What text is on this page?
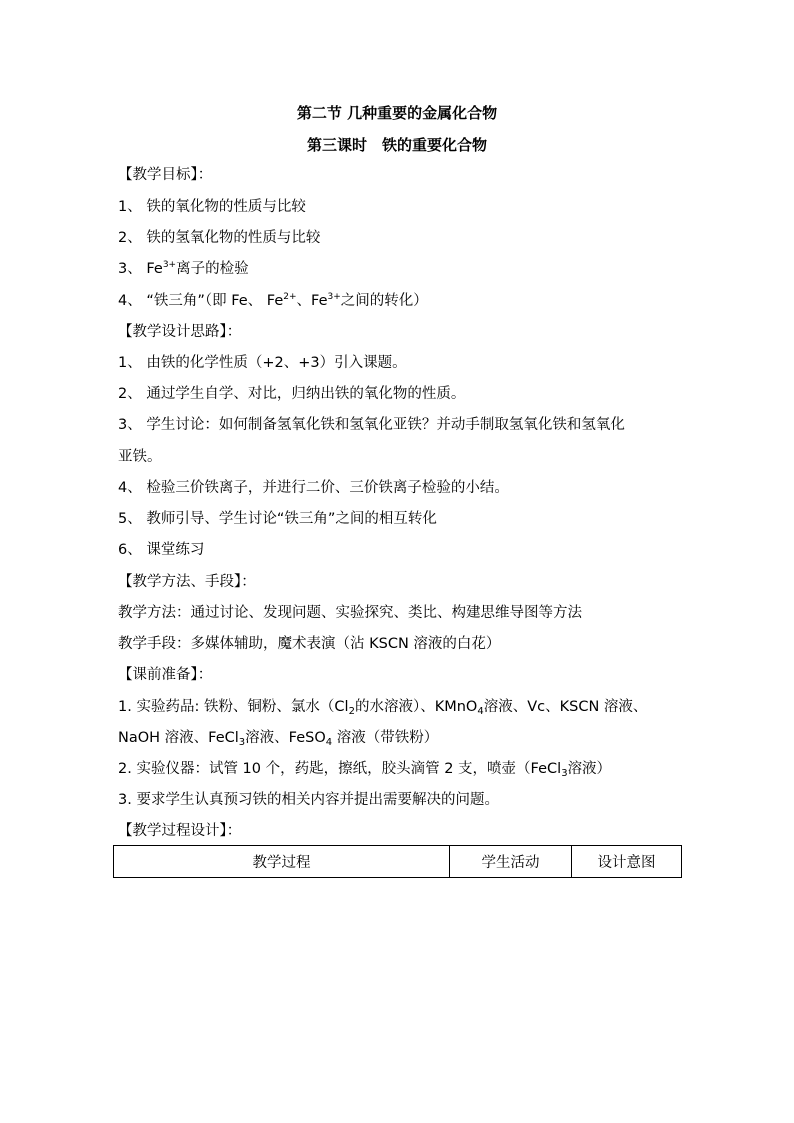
第二节 几种重要的金属化合物
第三课时　铁的重要化合物
【教学目标】：
1、 铁的氧化物的性质与比较
2、 铁的氢氧化物的性质与比较
3、 $Fe^{3+}$离子的检验
4、 “铁三角”（即 Fe、 $Fe^{2+}$、$Fe^{3+}$之间的转化）
【教学设计思路】：
1、 由铁的化学性质（+2、+3）引入课题。
2、 通过学生自学、对比，归纳出铁的氧化物的性质。
3、 学生讨论：如何制备氢氧化铁和氢氧化亚铁？并动手制取氢氧化铁和氢氧化
亚铁。
4、 检验三价铁离子，并进行二价、三价铁离子检验的小结。
5、 教师引导、学生讨论“铁三角”之间的相互转化
6、 课堂练习
【教学方法、手段】：
教学方法：通过讨论、发现问题、实验探究、类比、构建思维导图等方法
教学手段：多媒体辅助，魔术表演（沾 KSCN 溶液的白花）
【课前准备】：
1. 实验药品: 铁粉、铜粉、氯水（$Cl_2$的水溶液）、KMnO$_4$溶液、Vc、KSCN 溶液、
NaOH 溶液、FeCl$_3$溶液、FeSO$_4$ 溶液（带铁粉）
2. 实验仪器：试管 10 个，药匙，擦纸，胶头滴管 2 支，喷壶（FeCl$_3$溶液）
3. 要求学生认真预习铁的相关内容并提出需要解决的问题。
【教学过程设计】：
教学过程	学生活动	设计意图
